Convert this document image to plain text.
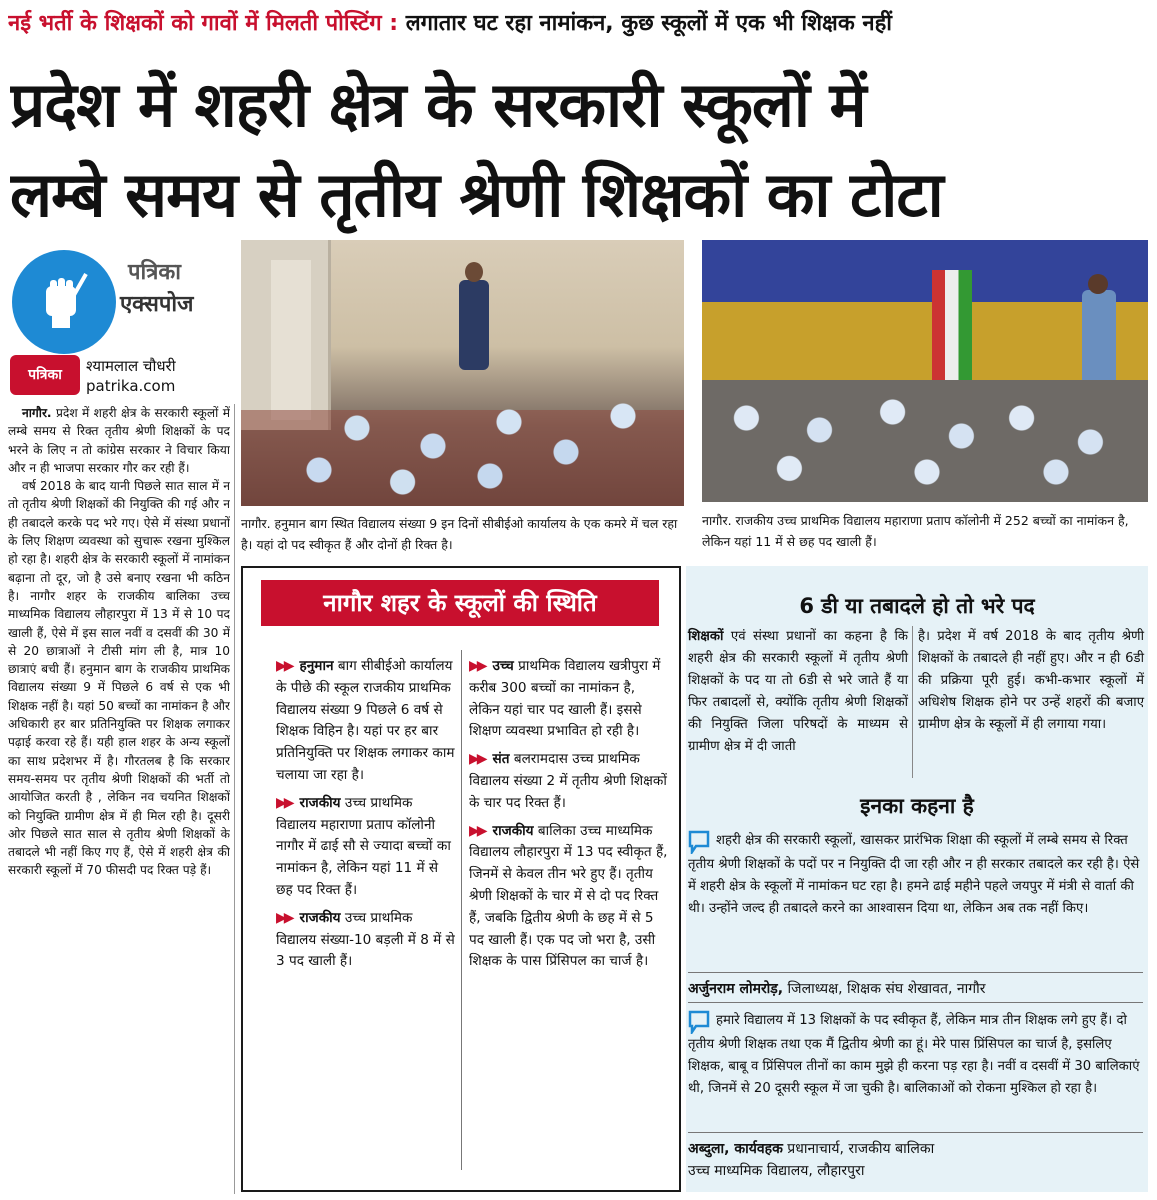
नई भर्ती के शिक्षकों को गावों में मिलती पोस्टिंग : लगातार घट रहा नामांकन, कुछ स्कूलों में एक भी शिक्षक नहीं
प्रदेश में शहरी क्षेत्र के सरकारी स्कूलों में
लम्बे समय से तृतीय श्रेणी शिक्षकों का टोटा
पत्रिका
एक्सपोज
पत्रिका	श्यामलाल चौधरी
patrika.com

नागौर. प्रदेश में शहरी क्षेत्र के सरकारी स्कूलों में लम्बे समय से रिक्त तृतीय श्रेणी शिक्षकों के पद भरने के लिए न तो कांग्रेस सरकार ने विचार किया और न ही भाजपा सरकार गौर कर रही हैं।

वर्ष 2018 के बाद यानी पिछले सात साल में न तो तृतीय श्रेणी शिक्षकों की नियुक्ति की गई और न ही तबादले करके पद भरे गए। ऐसे में संस्था प्रधानों के लिए शिक्षण व्यवस्था को सुचारू रखना मुश्किल हो रहा है। शहरी क्षेत्र के सरकारी स्कूलों में नामांकन बढ़ाना तो दूर, जो है उसे बनाए रखना भी कठिन है। नागौर शहर के राजकीय बालिका उच्च माध्यमिक विद्यालय लौहारपुरा में 13 में से 10 पद खाली हैं, ऐसे में इस साल नवीं व दसवीं की 30 में से 20 छात्राओं ने टीसी मांग ली है, मात्र 10 छात्राएं बची हैं। हनुमान बाग के राजकीय प्राथमिक विद्यालय संख्या 9 में पिछले 6 वर्ष से एक भी शिक्षक नहीं है। यहां 50 बच्चों का नामांकन है और अधिकारी हर बार प्रतिनियुक्ति पर शिक्षक लगाकर पढ़ाई करवा रहे हैं। यही हाल शहर के अन्य स्कूलों का साथ प्रदेशभर में है। गौरतलब है कि सरकार समय-समय पर तृतीय श्रेणी शिक्षकों की भर्ती तो आयोजित करती है , लेकिन नव चयनित शिक्षकों को नियुक्ति ग्रामीण क्षेत्र में ही मिल रही है। दूसरी ओर पिछले सात साल से तृतीय श्रेणी शिक्षकों के तबादले भी नहीं किए गए हैं, ऐसे में शहरी क्षेत्र की सरकारी स्कूलों में 70 फीसदी पद रिक्त पड़े हैं।

नागौर. हनुमान बाग स्थित विद्यालय संख्या 9 इन दिनों सीबीईओ कार्यालय के एक कमरे में चल रहा है। यहां दो पद स्वीकृत हैं और दोनों ही रिक्त है।
नागौर. राजकीय उच्च प्राथमिक विद्यालय महाराणा प्रताप कॉलोनी में 252 बच्चों का नामांकन है, लेकिन यहां 11 में से छह पद खाली हैं।
नागौर शहर के स्कूलों की स्थिति
▶▶ हनुमान बाग सीबीईओ कार्यालय के पीछे की स्कूल राजकीय प्राथमिक विद्यालय संख्या 9 पिछले 6 वर्ष से शिक्षक विहिन है। यहां पर हर बार प्रतिनियुक्ति पर शिक्षक लगाकर काम चलाया जा रहा है।
▶▶ राजकीय उच्च प्राथमिक विद्यालय महाराणा प्रताप कॉलोनी नागौर में ढाई सौ से ज्यादा बच्चों का नामांकन है, लेकिन यहां 11 में से छह पद रिक्त हैं।
▶▶ राजकीय उच्च प्राथमिक विद्यालय संख्या-10 बड़ली में 8 में से 3 पद खाली हैं।
▶▶ उच्च प्राथमिक विद्यालय खत्रीपुरा में करीब 300 बच्चों का नामांकन है, लेकिन यहां चार पद खाली हैं। इससे शिक्षण व्यवस्था प्रभावित हो रही है।
▶▶ संत बलरामदास उच्च प्राथमिक विद्यालय संख्या 2 में तृतीय श्रेणी शिक्षकों के चार पद रिक्त हैं।
▶▶ राजकीय बालिका उच्च माध्यमिक विद्यालय लौहारपुरा में 13 पद स्वीकृत हैं, जिनमें से केवल तीन भरे हुए हैं। तृतीय श्रेणी शिक्षकों के चार में से दो पद रिक्त हैं, जबकि द्वितीय श्रेणी के छह में से 5 पद खाली हैं। एक पद जो भरा है, उसी शिक्षक के पास प्रिंसिपल का चार्ज है।
6 डी या तबादले हो तो भरे पद
शिक्षकों एवं संस्था प्रधानों का कहना है कि शहरी क्षेत्र की सरकारी स्कूलों में तृतीय श्रेणी शिक्षकों के पद या तो 6डी से भरे जाते हैं या फिर तबादलों से, क्योंकि तृतीय श्रेणी शिक्षकों की नियुक्ति जिला परिषदों के माध्यम से ग्रामीण क्षेत्र में दी जाती
है। प्रदेश में वर्ष 2018 के बाद तृतीय श्रेणी शिक्षकों के तबादले ही नहीं हुए। और न ही 6डी की प्रक्रिया पूरी हुई। कभी-कभार स्कूलों में अधिशेष शिक्षक होने पर उन्हें शहरों की बजाए ग्रामीण क्षेत्र के स्कूलों में ही लगाया गया।
इनका कहना है
शहरी क्षेत्र की सरकारी स्कूलों, खासकर प्रारंभिक शिक्षा की स्कूलों में लम्बे समय से रिक्त तृतीय श्रेणी शिक्षकों के पदों पर न नियुक्ति दी जा रही और न ही सरकार तबादले कर रही है। ऐसे में शहरी क्षेत्र के स्कूलों में नामांकन घट रहा है। हमने ढाई महीने पहले जयपुर में मंत्री से वार्ता की थी। उन्होंने जल्द ही तबादले करने का आश्वासन दिया था, लेकिन अब तक नहीं किए।
अर्जुनराम लोमरोड़, जिलाध्यक्ष, शिक्षक संघ शेखावत, नागौर
हमारे विद्यालय में 13 शिक्षकों के पद स्वीकृत हैं, लेकिन मात्र तीन शिक्षक लगे हुए हैं। दो तृतीय श्रेणी शिक्षक तथा एक मैं द्वितीय श्रेणी का हूं। मेरे पास प्रिंसिपल का चार्ज है, इसलिए शिक्षक, बाबू व प्रिंसिपल तीनों का काम मुझे ही करना पड़ रहा है। नवीं व दसवीं में 30 बालिकाएं थी, जिनमें से 20 दूसरी स्कूल में जा चुकी है। बालिकाओं को रोकना मुश्किल हो रहा है।
अब्दुला, कार्यवहक प्रधानाचार्य, राजकीय बालिका
उच्च माध्यमिक विद्यालय, लौहारपुरा
